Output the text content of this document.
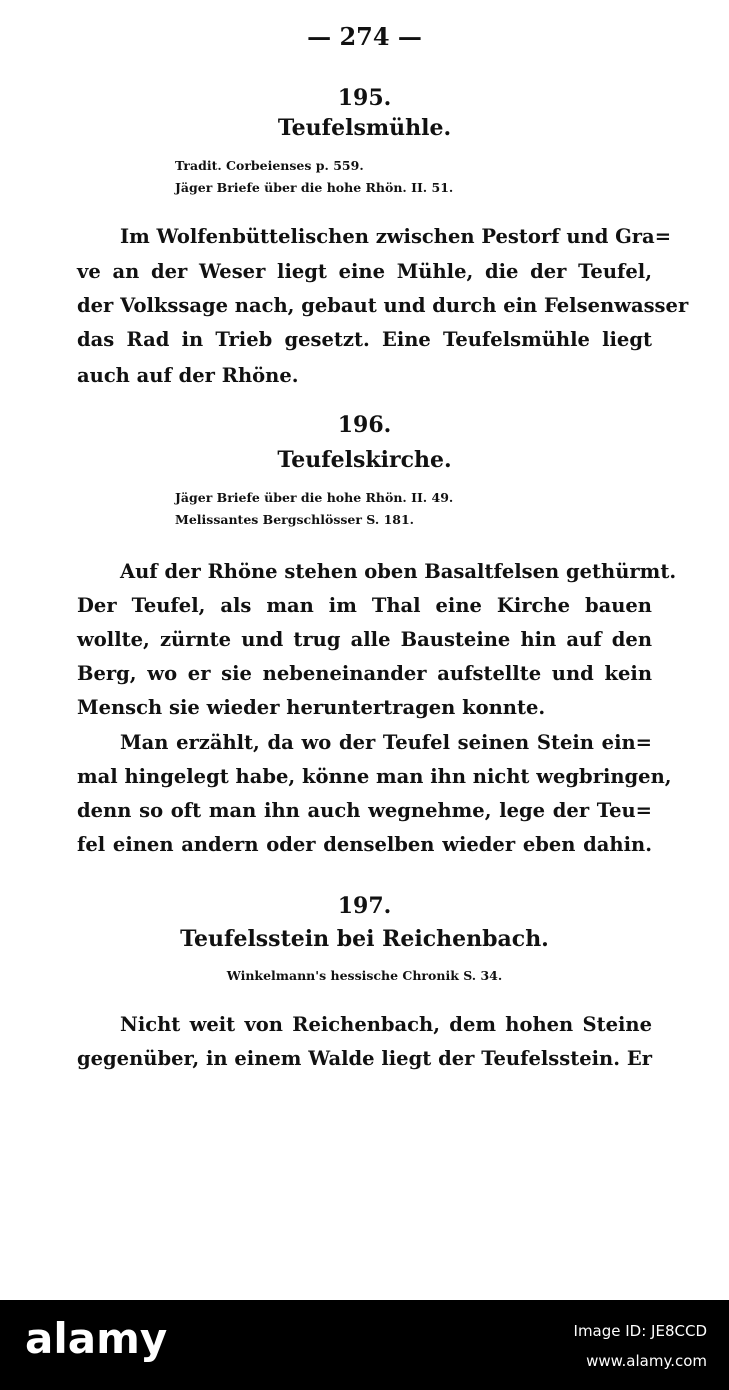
— 274 —
195.
Teufelsmühle.
Tradit. Corbeienses p. 559.
Jäger Briefe über die hohe Rhön. II. 51.
Im Wolfenbüttelischen zwischen Pestorf und Gra=
ve an der Weser liegt eine Mühle, die der Teufel,
der Volkssage nach, gebaut und durch ein Felsenwasser
das Rad in Trieb gesetzt. Eine Teufelsmühle liegt
auch auf der Rhöne.
196.
Teufelskirche.
Jäger Briefe über die hohe Rhön. II. 49.
Melissantes Bergschlösser S. 181.
Auf der Rhöne stehen oben Basaltfelsen gethürmt.
Der Teufel, als man im Thal eine Kirche bauen
wollte, zürnte und trug alle Bausteine hin auf den
Berg, wo er sie nebeneinander aufstellte und kein
Mensch sie wieder heruntertragen konnte.
Man erzählt, da wo der Teufel seinen Stein ein=
mal hingelegt habe, könne man ihn nicht wegbringen,
denn so oft man ihn auch wegnehme, lege der Teu=
fel einen andern oder denselben wieder eben dahin.
197.
Teufelsstein bei Reichenbach.
Winkelmann's hessische Chronik S. 34.
Nicht weit von Reichenbach, dem hohen Steine
gegenüber, in einem Walde liegt der Teufelsstein. Er
alamy	Image ID: JE8CCD
www.alamy.com
